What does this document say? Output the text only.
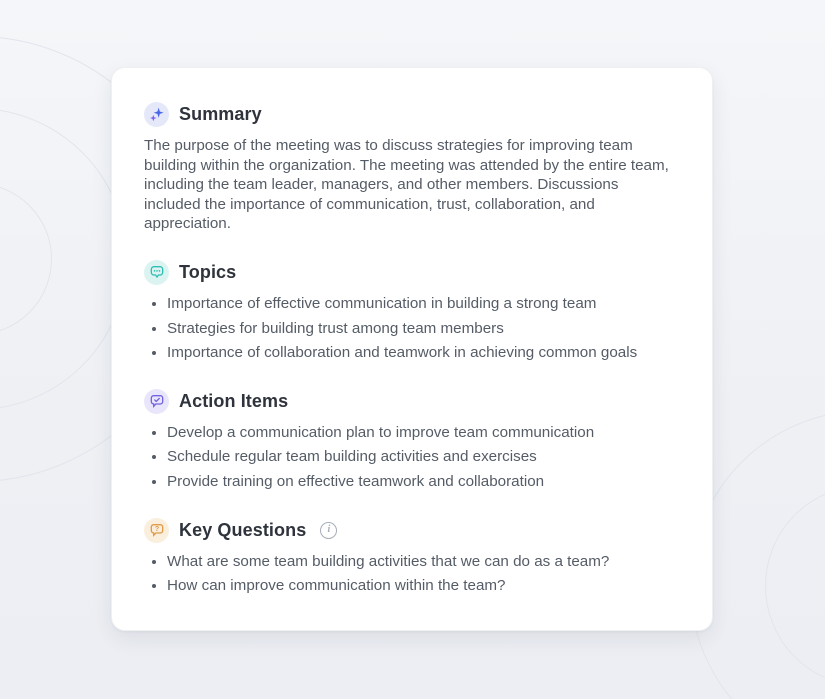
Summary

The purpose of the meeting was to discuss strategies for improving team building within the organization. The meeting was attended by the entire team, including the team leader, managers, and other members. Discussions included the importance of communication, trust, collaboration, and appreciation.

Topics
• Importance of effective communication in building a strong team
• Strategies for building trust among team members
• Importance of collaboration and teamwork in achieving common goals
Action Items
• Develop a communication plan to improve team communication
• Schedule regular team building activities and exercises
• Provide training on effective teamwork and collaboration
? Key Questions	i
• What are some team building activities that we can do as a team?
• How can improve communication within the team?
